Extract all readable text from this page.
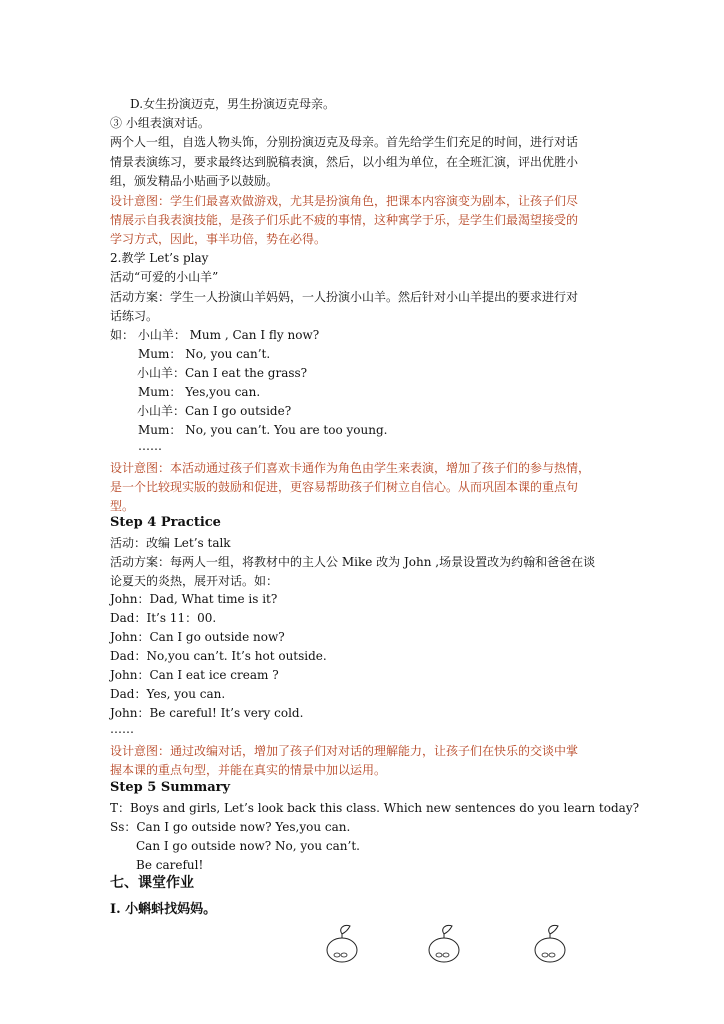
D.女生扮演迈克，男生扮演迈克母亲。
③ 小组表演对话。
两个人一组，自选人物头饰，分别扮演迈克及母亲。首先给学生们充足的时间，进行对话
情景表演练习，要求最终达到脱稿表演，然后，以小组为单位，在全班汇演，评出优胜小
组，颁发精品小贴画予以鼓励。
设计意图：学生们最喜欢做游戏，尤其是扮演角色，把课本内容演变为剧本，让孩子们尽
情展示自我表演技能，是孩子们乐此不疲的事情，这种寓学于乐，是学生们最渴望接受的
学习方式，因此，事半功倍，势在必得。
2.教学 Let’s play
活动“可爱的小山羊”
活动方案：学生一人扮演山羊妈妈，一人扮演小山羊。然后针对小山羊提出的要求进行对
话练习。
如： 小山羊： Mum , Can I fly now?
Mum： No, you can’t.
小山羊：Can I eat the grass?
Mum： Yes,you can.
小山羊：Can I go outside?
Mum： No, you can’t. You are too young.
……
设计意图：本活动通过孩子们喜欢卡通作为角色由学生来表演，增加了孩子们的参与热情，
是一个比较现实版的鼓励和促进，更容易帮助孩子们树立自信心。从而巩固本课的重点句
型。
Step 4 Practice
活动：改编 Let’s talk
活动方案：每两人一组，将教材中的主人公 Mike 改为 John ,场景设置改为约翰和爸爸在谈
论夏天的炎热，展开对话。如：
John：Dad, What time is it?
Dad：It’s 11：00.
John：Can I go outside now?
Dad：No,you can’t. It’s hot outside.
John：Can I eat ice cream ?
Dad：Yes, you can.
John：Be careful! It’s very cold.
……
设计意图：通过改编对话，增加了孩子们对对话的理解能力，让孩子们在快乐的交谈中掌
握本课的重点句型，并能在真实的情景中加以运用。
Step 5 Summary
T：Boys and girls, Let’s look back this class. Which new sentences do you learn today?
Ss：Can I go outside now? Yes,you can.
Can I go outside now? No, you can’t.
Be careful!
七、课堂作业
Ⅰ. 小蝌蚪找妈妈。
